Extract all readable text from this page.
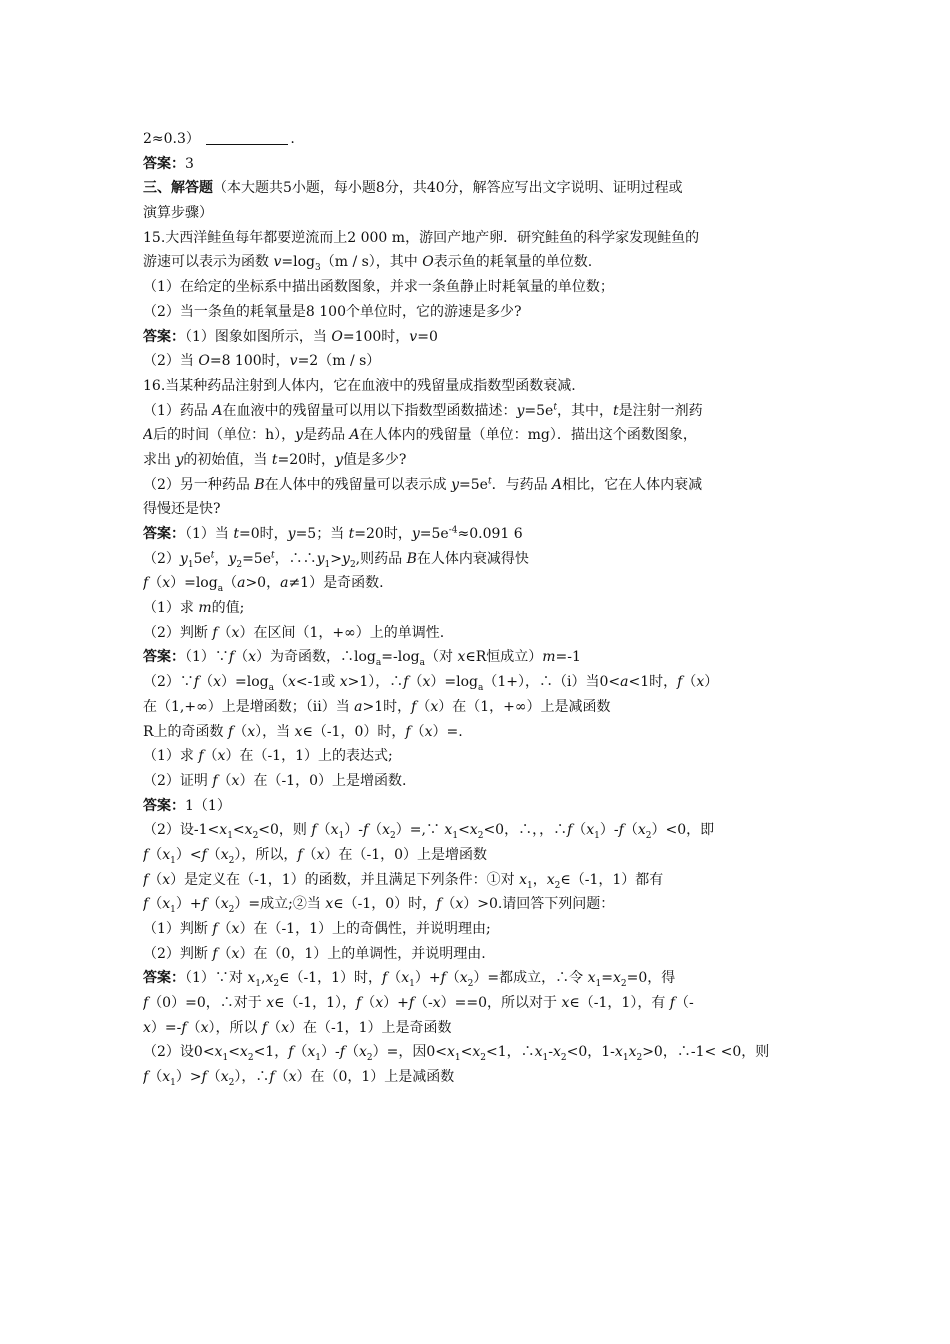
2≈0.3）	.
答案：3
三、解答题（本大题共5小题，每小题8分，共40分，解答应写出文字说明、证明过程或
演算步骤）
15.大西洋鲑鱼每年都要逆流而上2 000 m，游回产地产卵．研究鲑鱼的科学家发现鲑鱼的
游速可以表示为函数 $v=\log_3(m / s)$，其中 O表示鱼的耗氧量的单位数.
（1）在给定的坐标系中描出函数图象，并求一条鱼静止时耗氧量的单位数；
（2）当一条鱼的耗氧量是8 100个单位时，它的游速是多少?
答案：（1）图象如图所示，当 O=100时，v=0
（2）当 O=8 100时，v=2（m / s）
16.当某种药品注射到人体内，它在血液中的残留量成指数型函数衰减.
（1）药品 A在血液中的残留量可以用以下指数型函数描述：$y=5e^t$，其中，t是注射一剂药
A后的时间（单位：h），y是药品 A在人体内的残留量（单位：mg）．描出这个函数图象，
求出 y的初始值，当 t=20时，y值是多少?
（2）另一种药品 B在人体中的残留量可以表示成 $y=5e^t$．与药品 A相比，它在人体内衰减
得慢还是快?
答案：（1）当 t=0时，y=5；当 t=20时，$y=5e^{-4}\approx 0.091$ 6
$(2)y_15e^t$，$y_2=5e^t$，$\therefore\therefore y_1>y_2$,则药品 B在人体内衰减得快
$f(x)=\log_a(a>0$，a≠1）是奇函数.
（1）求 m的值;
（2）判断 f（x）在区间（1，+∞）上的单调性.
答案：（1）∵f（x）为奇函数，$\therefore\log_a=-\log_a$（对 x∈R恒成立）m=-1
$(2)\because f(x)=\log_a(x<-1$或 x>1），$\therefore f(x)=\log_a(1+)$，∴（i）当0<a<1时，f（x）
在（1,+∞）上是增函数；（ii）当 a>1时，f（x）在（1，+∞）上是减函数
R上的奇函数 f（x），当 x∈（-1，0）时，f（x）=.
（1）求 f（x）在（-1，1）上的表达式;
（2）证明 f（x）在（-1，0）上是增函数.
答案：1（1）
（2）设$-1<x_1<x_2<0$，则 $f(x_1)-f(x_2)=,\because$ $x_1<x_2<0$，∴，，$\therefore f(x_1)-f(x_2)<0$，即
$f(x_1)<f(x_2)$，所以，f（x）在（-1，0）上是增函数
f（x）是定义在（-1，1）的函数，并且满足下列条件：①对 $x_1$，$x_2\in(-1$，1）都有
$f(x_1)+f(x_2)=$成立;②当 x∈（-1，0）时，f（x）>0.请回答下列问题：
（1）判断 f（x）在（-1，1）上的奇偶性，并说明理由;
（2）判断 f（x）在（0，1）上的单调性，并说明理由.
答案：（1）∵对 $x_1,x_2\in(-1$，1）时，$f(x_1)+f(x_2)=$都成立，∴令 $x_1=x_2=0$，得
f（0）=0，∴对于 x∈（-1，1），f（x）+f（-x）==0，所以对于 x∈（-1，1），有 f（-
x）=-f（x），所以 f（x）在（-1，1）上是奇函数
（2）设$0<x_1<x_2<1$，$f(x_1)-f(x_2)=$，因$0<x_1<x_2<1$，$\therefore x_1-x_2<0$，$1-x_1x_2>0$，∴-1< <0，则
$f(x_1)>f(x_2)$，∴f（x）在（0，1）上是减函数
